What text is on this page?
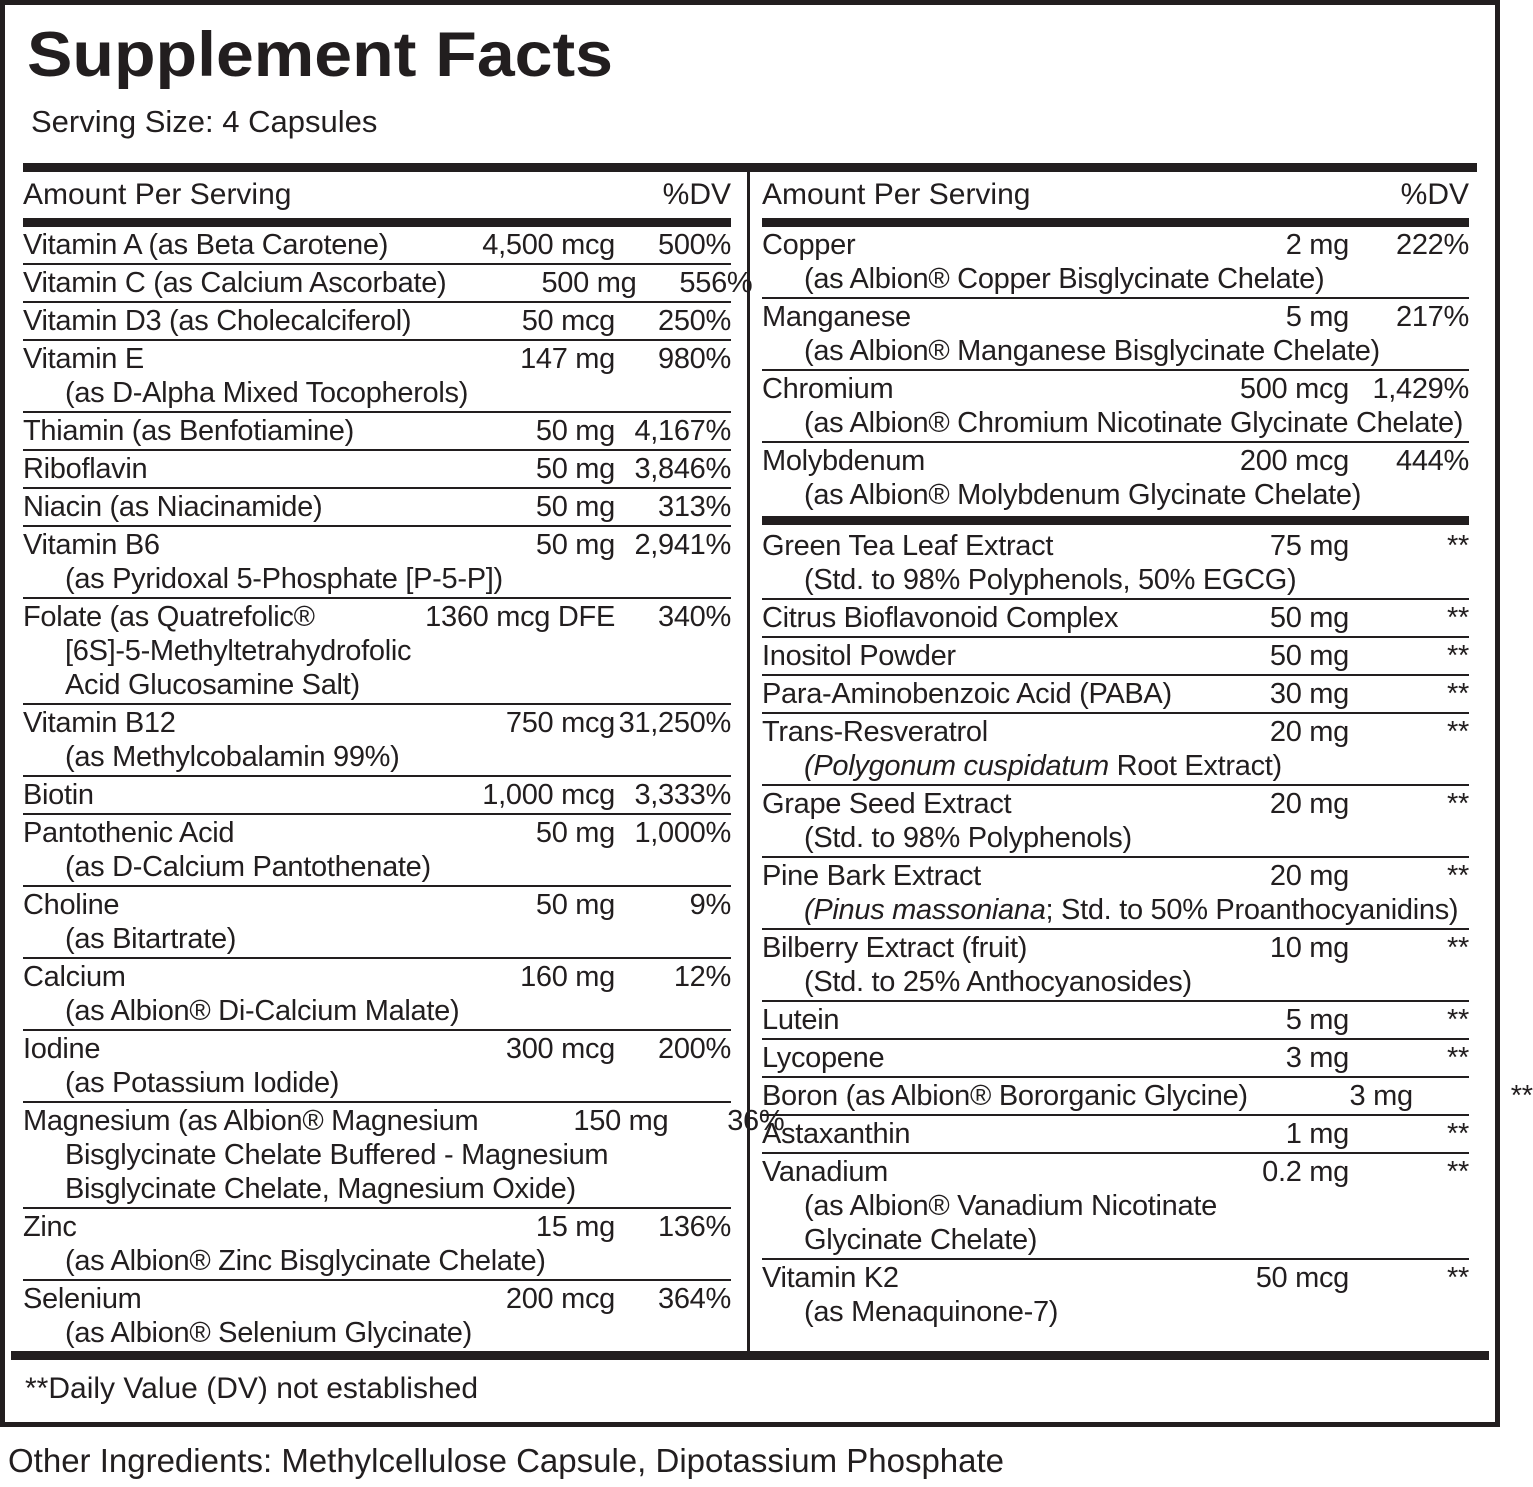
Supplement Facts
Serving Size: 4 Capsules
Amount Per Serving	%DV
Vitamin A (as Beta Carotene)	4,500 mcg	500%
Vitamin C (as Calcium Ascorbate)	500 mg	556%
Vitamin D3 (as Cholecalciferol)	50 mcg	250%
Vitamin E	147 mg	980%
(as D-Alpha Mixed Tocopherols)
Thiamin (as Benfotiamine)	50 mg 4,167%
Riboflavin	50 mg 3,846%
Niacin (as Niacinamide)	50 mg	313%
Vitamin B6	50 mg 2,941%
(as Pyridoxal 5-Phosphate [P-5-P])
Folate (as Quatrefolic®	1360 mcg DFE	340%
[6S]-5-Methyltetrahydrofolic
Acid Glucosamine Salt)
Vitamin B12	750 mcg 31,250%
(as Methylcobalamin 99%)
Biotin	1,000 mcg 3,333%
Pantothenic Acid	50 mg 1,000%
(as D-Calcium Pantothenate)
Choline	50 mg	9%
(as Bitartrate)
Calcium	160 mg	12%
(as Albion® Di-Calcium Malate)
Iodine	300 mcg	200%
(as Potassium Iodide)
Magnesium (as Albion® Magnesium	150 mg	36%
Bisglycinate Chelate Buffered - Magnesium
Bisglycinate Chelate, Magnesium Oxide)
Zinc	15 mg	136%
(as Albion® Zinc Bisglycinate Chelate)
Selenium	200 mcg	364%
(as Albion® Selenium Glycinate)
Amount Per Serving	%DV
Copper	2 mg	222%
(as Albion® Copper Bisglycinate Chelate)
Manganese	5 mg	217%
(as Albion® Manganese Bisglycinate Chelate)
Chromium	500 mcg 1,429%
(as Albion® Chromium Nicotinate Glycinate Chelate)
Molybdenum	200 mcg	444%
(as Albion® Molybdenum Glycinate Chelate)
Green Tea Leaf Extract	75 mg	**
(Std. to 98% Polyphenols, 50% EGCG)
Citrus Bioflavonoid Complex	50 mg	**
Inositol Powder	50 mg	**
Para-Aminobenzoic Acid (PABA)	30 mg	**
Trans-Resveratrol	20 mg	**
(Polygonum cuspidatum Root Extract)
Grape Seed Extract	20 mg	**
(Std. to 98% Polyphenols)
Pine Bark Extract	20 mg	**
(Pinus massoniana; Std. to 50% Proanthocyanidins)
Bilberry Extract (fruit)	10 mg	**
(Std. to 25% Anthocyanosides)
Lutein	5 mg	**
Lycopene	3 mg	**
Boron (as Albion® Bororganic Glycine)	3 mg	**
Astaxanthin	1 mg	**
Vanadium	0.2 mg	**
(as Albion® Vanadium Nicotinate
Glycinate Chelate)
Vitamin K2	50 mcg	**
(as Menaquinone-7)
**Daily Value (DV) not established
Other Ingredients: Methylcellulose Capsule, Dipotassium Phosphate
